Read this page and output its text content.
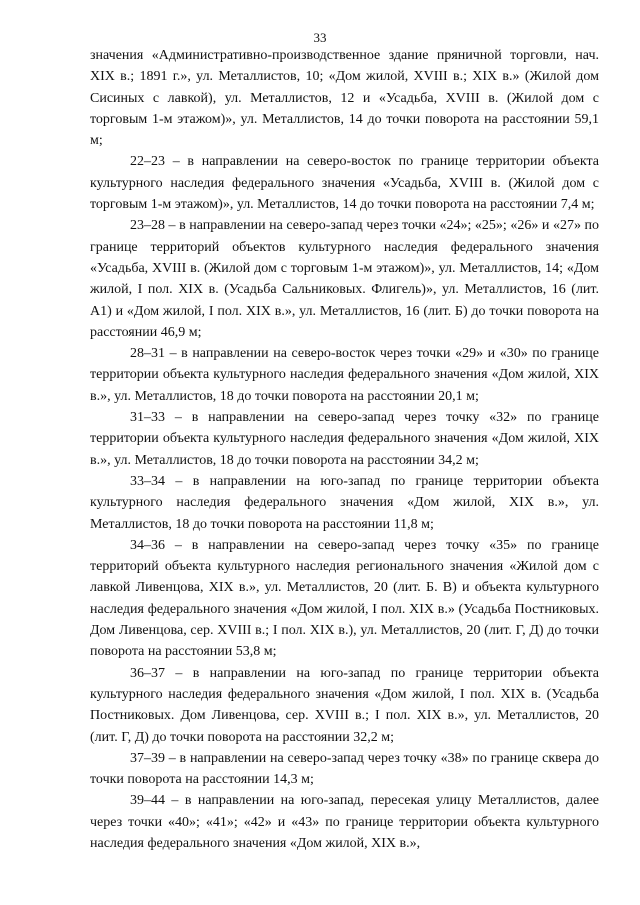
33

значения «Административно-производственное здание пряничной торговли, нач. XIX в.; 1891 г.», ул. Металлистов, 10; «Дом жилой, XVIII в.; XIX в.» (Жилой дом Сисиных с лавкой), ул. Металлистов, 12 и «Усадьба, XVIII в. (Жилой дом с торговым 1-м этажом)», ул. Металлистов, 14 до точки поворота на расстоянии 59,1 м;

22–23 – в направлении на северо-восток по границе территории объекта культурного наследия федерального значения «Усадьба, XVIII в. (Жилой дом с торговым 1-м этажом)», ул. Металлистов, 14 до точки поворота на расстоянии 7,4 м;

23–28 – в направлении на северо-запад через точки «24»; «25»; «26» и «27» по границе территорий объектов культурного наследия федерального значения «Усадьба, XVIII в. (Жилой дом с торговым 1-м этажом)», ул. Металлистов, 14; «Дом жилой, I пол. XIX в. (Усадьба Сальниковых. Флигель)», ул. Металлистов, 16 (лит. А1) и «Дом жилой, I пол. XIX в.», ул. Металлистов, 16 (лит. Б) до точки поворота на расстоянии 46,9 м;

28–31 – в направлении на северо-восток через точки «29» и «30» по границе территории объекта культурного наследия федерального значения «Дом жилой, XIX в.», ул. Металлистов, 18 до точки поворота на расстоянии 20,1 м;

31–33 – в направлении на северо-запад через точку «32» по границе территории объекта культурного наследия федерального значения «Дом жилой, XIX в.», ул. Металлистов, 18 до точки поворота на расстоянии 34,2 м;

33–34 – в направлении на юго-запад по границе территории объекта культурного наследия федерального значения «Дом жилой, XIX в.», ул. Металлистов, 18 до точки поворота на расстоянии 11,8 м;

34–36 – в направлении на северо-запад через точку «35» по границе территорий объекта культурного наследия регионального значения «Жилой дом с лавкой Ливенцова, XIX в.», ул. Металлистов, 20 (лит. Б. В) и объекта культурного наследия федерального значения «Дом жилой, I пол. XIX в.» (Усадьба Постниковых. Дом Ливенцова, сер. XVIII в.; I пол. XIX в.), ул. Металлистов, 20 (лит. Г, Д) до точки поворота на расстоянии 53,8 м;

36–37 – в направлении на юго-запад по границе территории объекта культурного наследия федерального значения «Дом жилой, I пол. XIX в. (Усадьба Постниковых. Дом Ливенцова, сер. XVIII в.; I пол. XIX в.», ул. Металлистов, 20 (лит. Г, Д) до точки поворота на расстоянии 32,2 м;

37–39 – в направлении на северо-запад через точку «38» по границе сквера до точки поворота на расстоянии 14,3 м;

39–44 – в направлении на юго-запад, пересекая улицу Металлистов, далее через точки «40»; «41»; «42» и «43» по границе территории объекта культурного наследия федерального значения «Дом жилой, XIX в.»,
